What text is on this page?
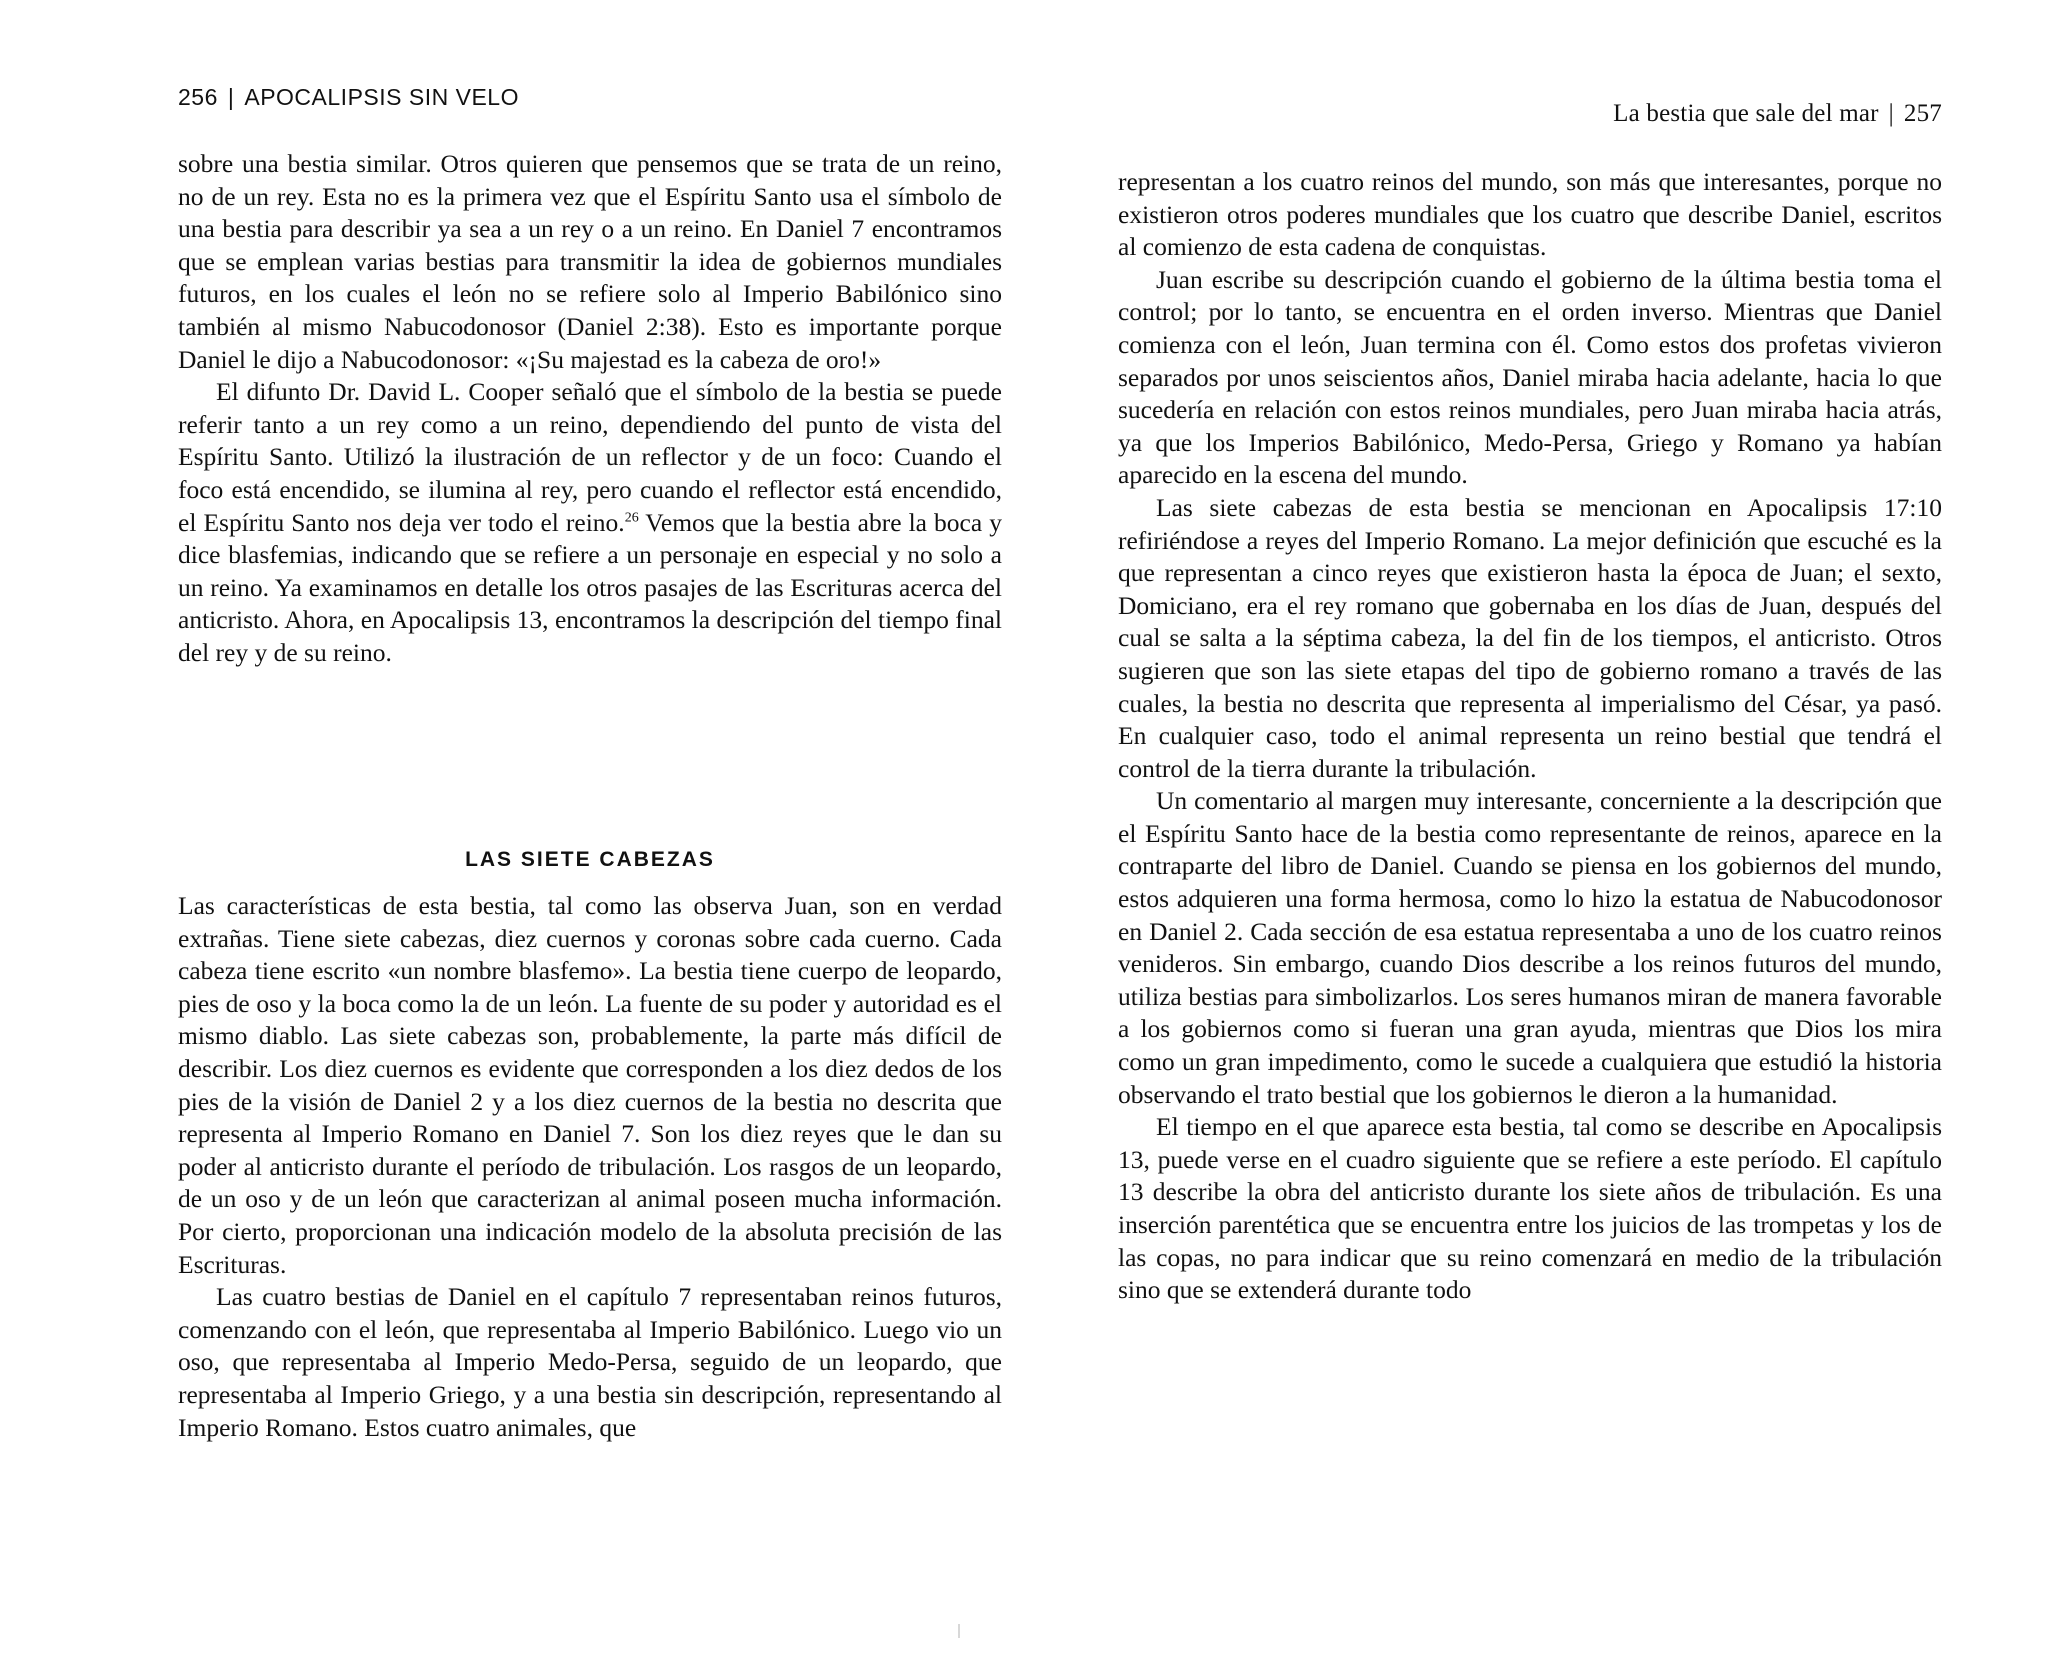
256 | APOCALIPSIS SIN VELO

sobre una bestia similar. Otros quieren que pensemos que se trata de un reino, no de un rey. Esta no es la primera vez que el Espíritu Santo usa el símbolo de una bestia para describir ya sea a un rey o a un reino. En Daniel 7 encontramos que se emplean varias bestias para transmitir la idea de gobiernos mundiales futuros, en los cuales el león no se refiere solo al Imperio Babilónico sino también al mismo Nabucodonosor (Daniel 2:38). Esto es importante porque Daniel le dijo a Nabucodonosor: «¡Su majestad es la cabeza de oro!»

El difunto Dr. David L. Cooper señaló que el símbolo de la bestia se puede referir tanto a un rey como a un reino, dependiendo del punto de vista del Espíritu Santo. Utilizó la ilustración de un reflector y de un foco: Cuando el foco está encendido, se ilumina al rey, pero cuando el reflector está encendido, el Espíritu Santo nos deja ver todo el reino.$^{26}$ Vemos que la bestia abre la boca y dice blasfemias, indicando que se refiere a un personaje en especial y no solo a un reino. Ya examinamos en detalle los otros pasajes de las Escrituras acerca del anticristo. Ahora, en Apocalipsis 13, encontramos la descripción del tiempo final del rey y de su reino.

LAS SIETE CABEZAS

Las características de esta bestia, tal como las observa Juan, son en verdad extrañas. Tiene siete cabezas, diez cuernos y coronas sobre cada cuerno. Cada cabeza tiene escrito «un nombre blasfemo». La bestia tiene cuerpo de leopardo, pies de oso y la boca como la de un león. La fuente de su poder y autoridad es el mismo diablo. Las siete cabezas son, probablemente, la parte más difícil de describir. Los diez cuernos es evidente que corresponden a los diez dedos de los pies de la visión de Daniel 2 y a los diez cuernos de la bestia no descrita que representa al Imperio Romano en Daniel 7. Son los diez reyes que le dan su poder al anticristo durante el período de tribulación. Los rasgos de un leopardo, de un oso y de un león que caracterizan al animal poseen mucha información. Por cierto, proporcionan una indicación modelo de la absoluta precisión de las Escrituras.

Las cuatro bestias de Daniel en el capítulo 7 representaban reinos futuros, comenzando con el león, que representaba al Imperio Babilónico. Luego vio un oso, que representaba al Imperio Medo-Persa, seguido de un leopardo, que representaba al Imperio Griego, y a una bestia sin descripción, representando al Imperio Romano. Estos cuatro animales, que

La bestia que sale del mar | 257

representan a los cuatro reinos del mundo, son más que interesantes, porque no existieron otros poderes mundiales que los cuatro que describe Daniel, escritos al comienzo de esta cadena de conquistas.

Juan escribe su descripción cuando el gobierno de la última bestia toma el control; por lo tanto, se encuentra en el orden inverso. Mientras que Daniel comienza con el león, Juan termina con él. Como estos dos profetas vivieron separados por unos seiscientos años, Daniel miraba hacia adelante, hacia lo que sucedería en relación con estos reinos mundiales, pero Juan miraba hacia atrás, ya que los Imperios Babilónico, Medo-Persa, Griego y Romano ya habían aparecido en la escena del mundo.

Las siete cabezas de esta bestia se mencionan en Apocalipsis 17:10 refiriéndose a reyes del Imperio Romano. La mejor definición que escuché es la que representan a cinco reyes que existieron hasta la época de Juan; el sexto, Domiciano, era el rey romano que gobernaba en los días de Juan, después del cual se salta a la séptima cabeza, la del fin de los tiempos, el anticristo. Otros sugieren que son las siete etapas del tipo de gobierno romano a través de las cuales, la bestia no descrita que representa al imperialismo del César, ya pasó. En cualquier caso, todo el animal representa un reino bestial que tendrá el control de la tierra durante la tribulación.

Un comentario al margen muy interesante, concerniente a la descripción que el Espíritu Santo hace de la bestia como representante de reinos, aparece en la contraparte del libro de Daniel. Cuando se piensa en los gobiernos del mundo, estos adquieren una forma hermosa, como lo hizo la estatua de Nabucodonosor en Daniel 2. Cada sección de esa estatua representaba a uno de los cuatro reinos venideros. Sin embargo, cuando Dios describe a los reinos futuros del mundo, utiliza bestias para simbolizarlos. Los seres humanos miran de manera favorable a los gobiernos como si fueran una gran ayuda, mientras que Dios los mira como un gran impedimento, como le sucede a cualquiera que estudió la historia observando el trato bestial que los gobiernos le dieron a la humanidad.

El tiempo en el que aparece esta bestia, tal como se describe en Apocalipsis 13, puede verse en el cuadro siguiente que se refiere a este período. El capítulo 13 describe la obra del anticristo durante los siete años de tribulación. Es una inserción parentética que se encuentra entre los juicios de las trompetas y los de las copas, no para indicar que su reino comenzará en medio de la tribulación sino que se extenderá durante todo
